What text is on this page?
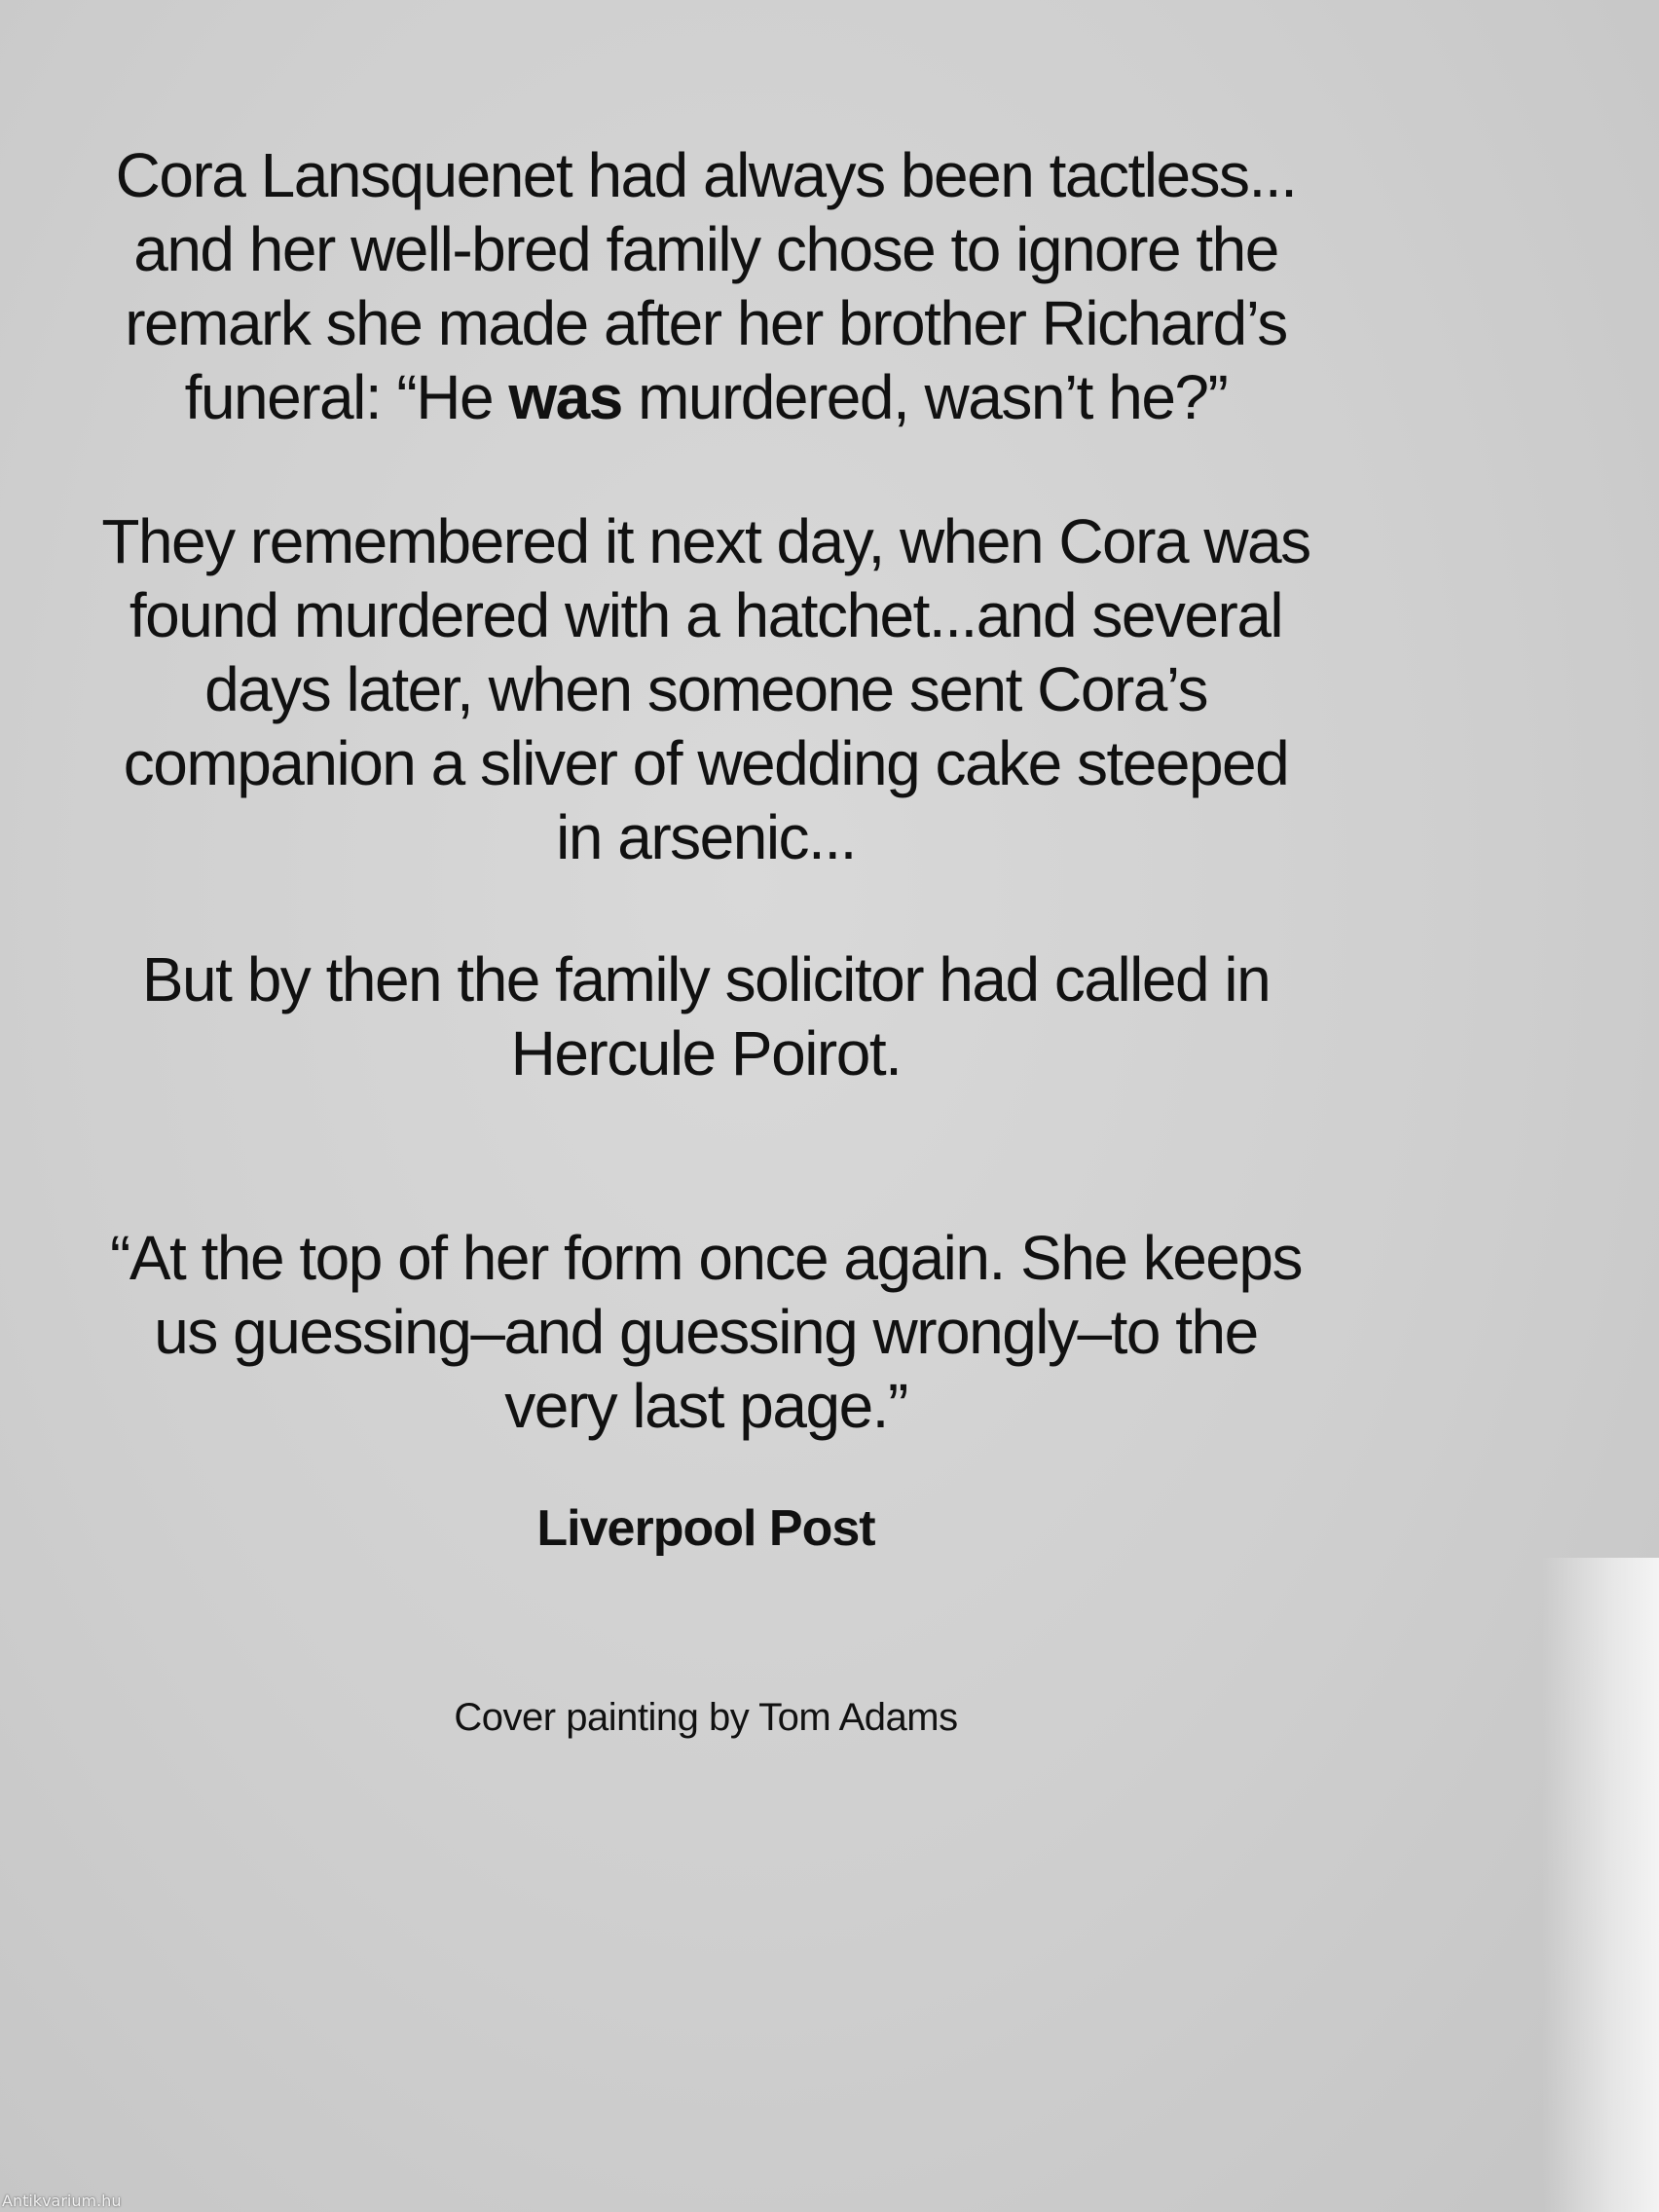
Cora Lansquenet had always been tactless...
and her well-bred family chose to ignore the
remark she made after her brother Richard’s
funeral: “He was murdered, wasn’t he?”

They remembered it next day, when Cora was
found murdered with a hatchet...and several
days later, when someone sent Cora’s
companion a sliver of wedding cake steeped
in arsenic...

But by then the family solicitor had called in
Hercule Poirot.

“At the top of her form once again. She keeps
us guessing–and guessing wrongly–to the
very last page.”

Liverpool Post

Cover painting by Tom Adams

Antikvarium.hu
